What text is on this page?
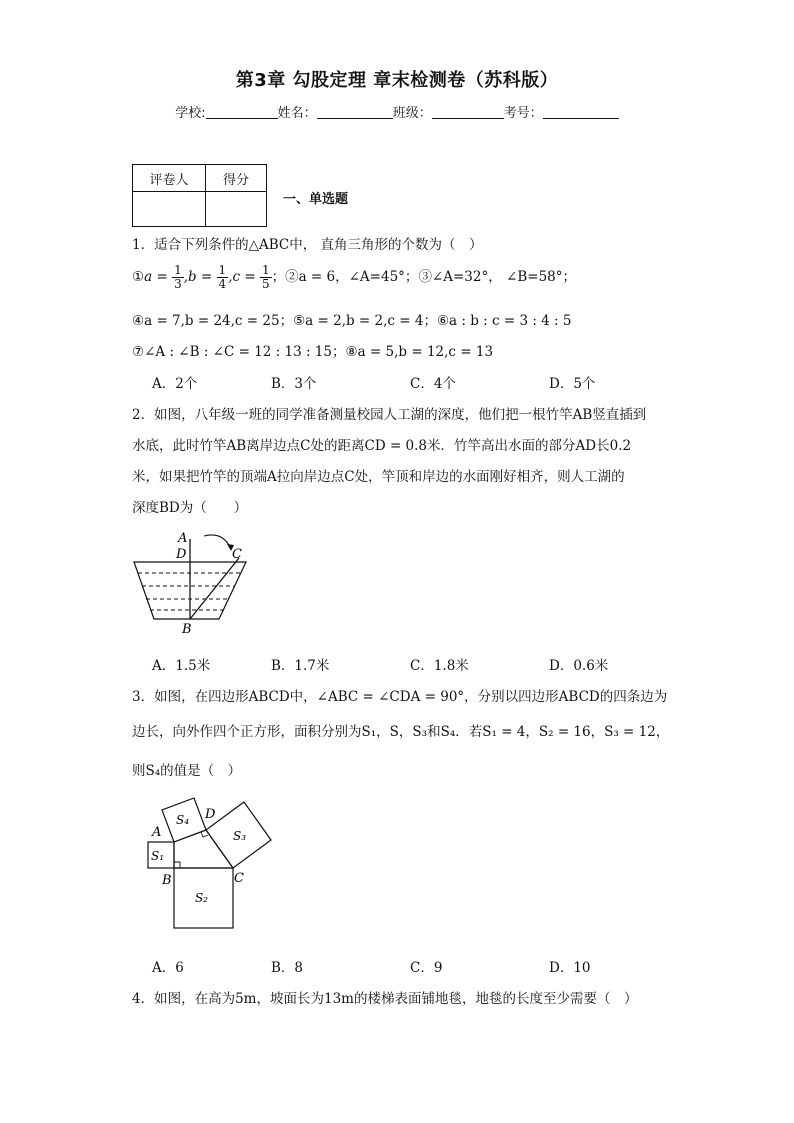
第3章 勾股定理 章末检测卷（苏科版）
学校:	姓名：	班级：	考号：
评卷人	得分

一、单选题
1．适合下列条件的△ABC中， 直角三角形的个数为（　）
①a = $\frac{1}{3} ,b = \frac{1}{4} ,c = \frac{1}{5}$ ；②a = 6，∠A=45°；③∠A=32°， ∠B=58°；
④a = 7,b = 24,c = 25；⑤a = 2,b = 2,c = 4；⑥a : b : c = 3 : 4 : 5
⑦∠A : ∠B : ∠C = 12 : 13 : 15；⑧a = 5,b = 12,c = 13
A．2个	B．3个	C．4个	D．5个
2．如图，八年级一班的同学准备测量校园人工湖的深度，他们把一根竹竿AB竖直插到
水底，此时竹竿AB离岸边点C处的距离CD = 0.8米．竹竿高出水面的部分AD长0.2
米，如果把竹竿的顶端A拉向岸边点C处，竿顶和岸边的水面刚好相齐，则人工湖的
深度BD为（　　）
A
D	C
B
A．1.5米	B．1.7米	C．1.8米	D．0.6米
3．如图，在四边形ABCD中，∠ABC = ∠CDA = 90°，分别以四边形ABCD的四条边为
边长，向外作四个正方形，面积分别为S₁，S，S₃和S₄．若S₁ = 4，S₂ = 16，S₃ = 12，
则S₄的值是（　）
A
B	C
D
S₁
S₂
S₃
S₄
A．6	B．8	C．9	D．10
4．如图，在高为5m，坡面长为13m的楼梯表面铺地毯，地毯的长度至少需要（　）
